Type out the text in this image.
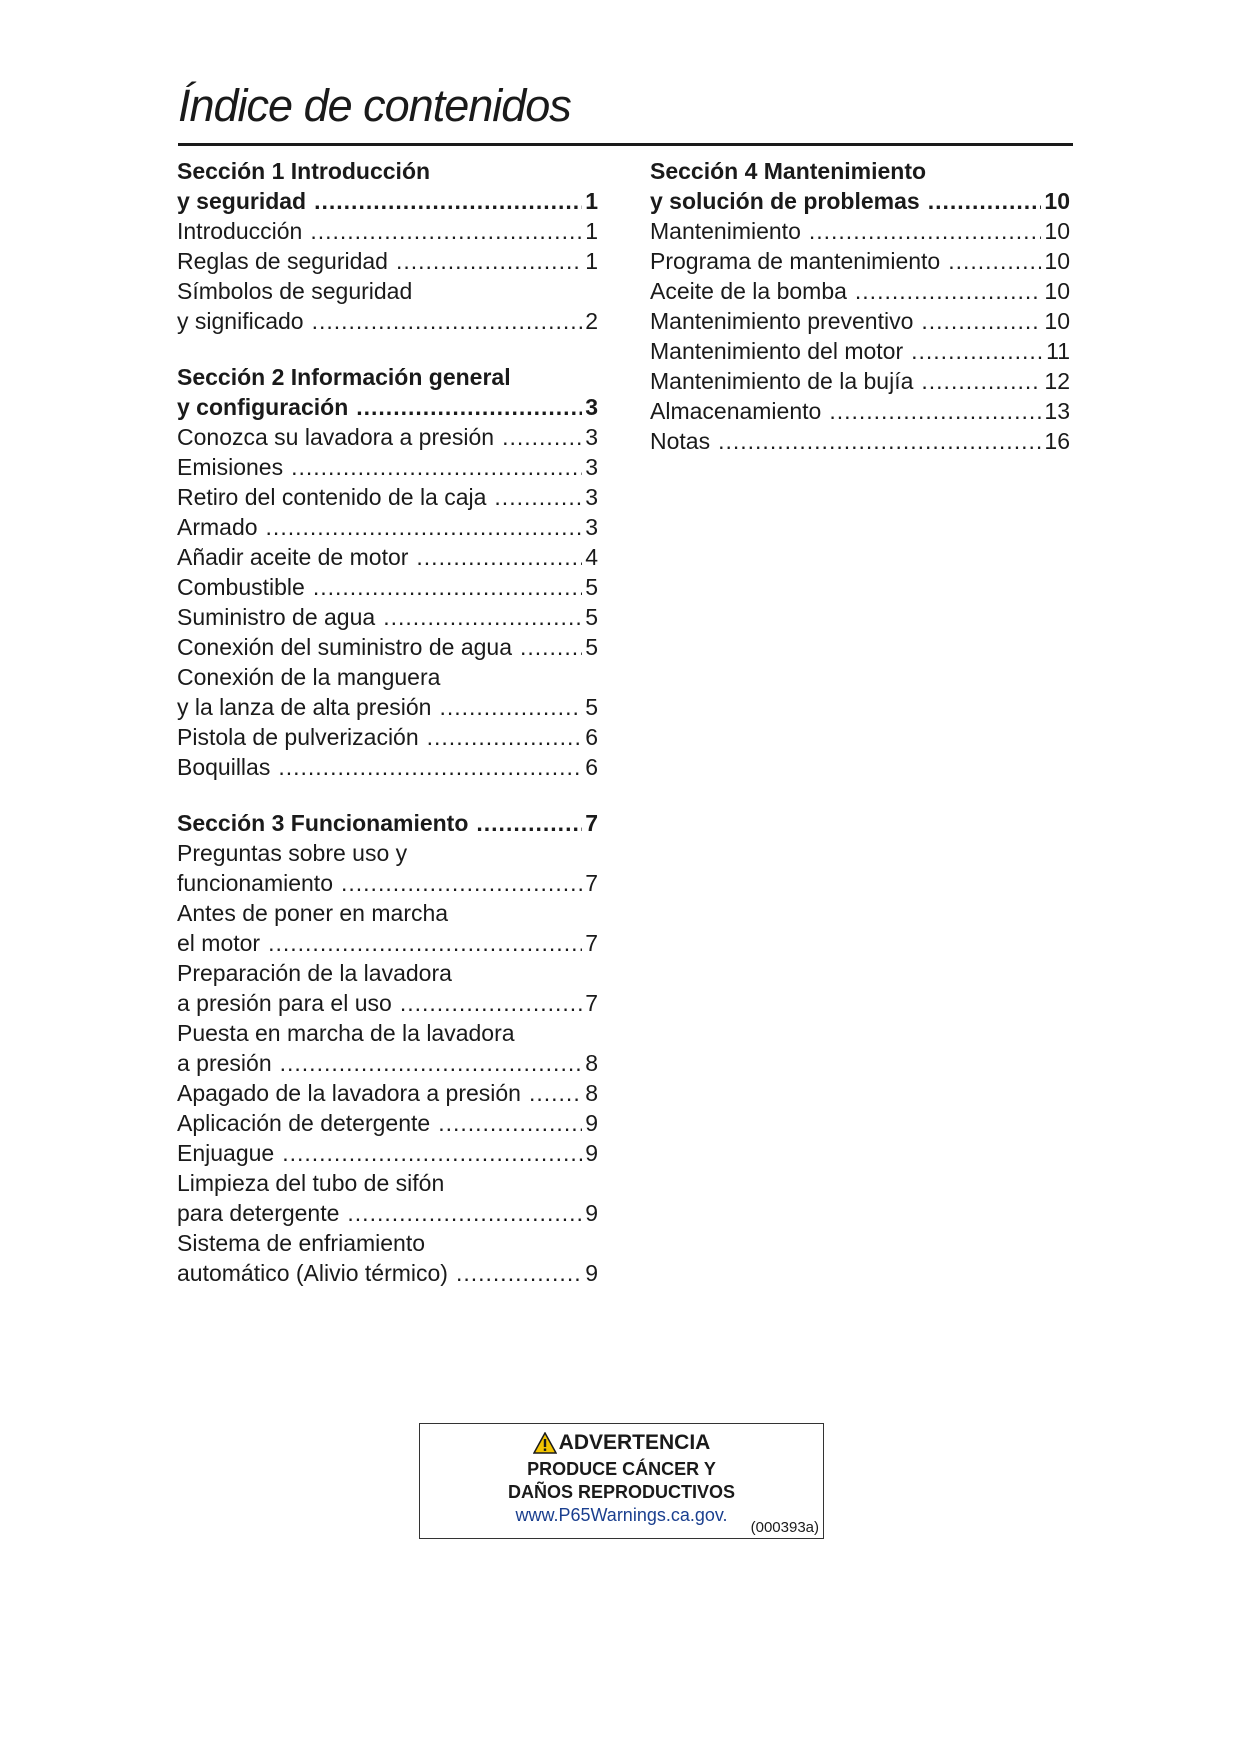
Índice de contenidos
Sección 1 Introducción
y seguridad .....	1
Introducción .....	1
Reglas de seguridad .....	1
Símbolos de seguridad
y significado .....	2
Sección 2 Información general
y configuración .....	3
Conozca su lavadora a presión .....	3
Emisiones .....	3
Retiro del contenido de la caja .....	3
Armado .....	3
Añadir aceite de motor .....	4
Combustible .....	5
Suministro de agua .....	5
Conexión del suministro de agua .....	5
Conexión de la manguera
y la lanza de alta presión .....	5
Pistola de pulverización .....	6
Boquillas .....	6
Sección 3 Funcionamiento .....	7
Preguntas sobre uso y
funcionamiento .....	7
Antes de poner en marcha
el motor .....	7
Preparación de la lavadora
a presión para el uso .....	7
Puesta en marcha de la lavadora
a presión .....	8
Apagado de la lavadora a presión .....	8
Aplicación de detergente .....	9
Enjuague .....	9
Limpieza del tubo de sifón
para detergente .....	9
Sistema de enfriamiento
automático (Alivio térmico) .....	9
Sección 4 Mantenimiento
y solución de problemas .....	10
Mantenimiento .....	10
Programa de mantenimiento .....	10
Aceite de la bomba .....	10
Mantenimiento preventivo .....	10
Mantenimiento del motor .....	11
Mantenimiento de la bujía .....	12
Almacenamiento .....	13
Notas .....	16
ADVERTENCIA
PRODUCE CÁNCER Y
DAÑOS REPRODUCTIVOS
www.P65Warnings.ca.gov.
(000393a)
